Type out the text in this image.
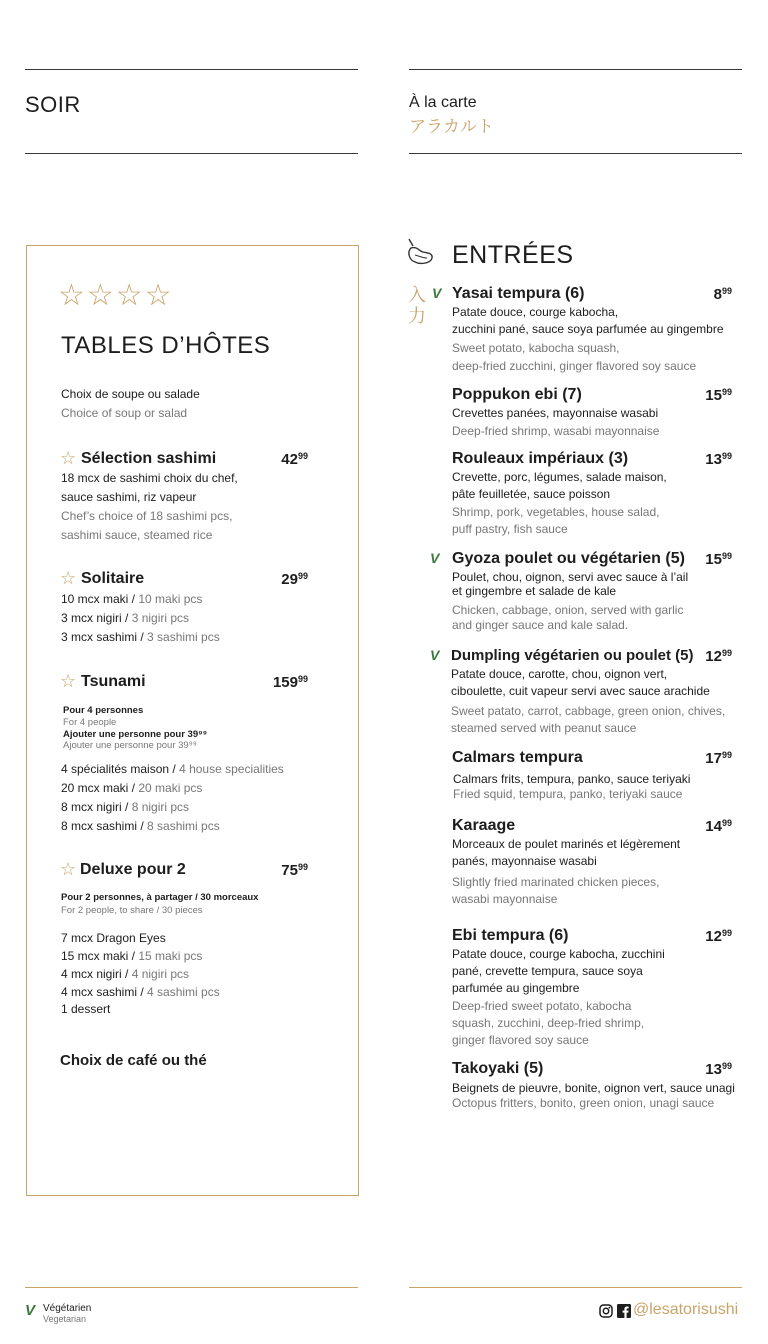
SOIR	À la carte
アラカルト
☆☆☆☆
TABLES D’HÔTES
Choix de soupe ou salade
Choice of soup or salad
☆ Sélection sashimi	$42^{99}$
18 mcx de sashimi choix du chef,
sauce sashimi, riz vapeur
Chef’s choice of 18 sashimi pcs,
sashimi sauce, steamed rice
☆ Solitaire	$29^{99}$
10 mcx maki / 10 maki pcs
3 mcx nigiri / 3 nigiri pcs
3 mcx sashimi / 3 sashimi pcs
☆ Tsunami	$159^{99}$
Pour 4 personnes
For 4 people
Ajouter une personne pour 39⁹⁹
Ajouter une personne pour 39⁹⁹
4 spécialités maison / 4 house specialities
20 mcx maki / 20 maki pcs
8 mcx nigiri / 8 nigiri pcs
8 mcx sashimi / 8 sashimi pcs
☆ Deluxe pour 2	$75^{99}$
Pour 2 personnes, à partager / 30 morceaux
For 2 people, to share / 30 pieces
7 mcx Dragon Eyes
15 mcx maki / 15 maki pcs
4 mcx nigiri / 4 nigiri pcs
4 mcx sashimi / 4 sashimi pcs
1 dessert
Choix de café ou thé
ENTRÉES
入力
V Yasai tempura (6)	$8^{99}$
Patate douce, courge kabocha,
zucchini pané, sauce soya parfumée au gingembre
Sweet potato, kabocha squash,
deep-fried zucchini, ginger flavored soy sauce
Poppukon ebi (7)	$15^{99}$
Crevettes panées, mayonnaise wasabi
Deep-fried shrimp, wasabi mayonnaise
Rouleaux impériaux (3)	$13^{99}$
Crevette, porc, légumes, salade maison,
pâte feuilletée, sauce poisson
Shrimp, pork, vegetables, house salad,
puff pastry, fish sauce
V Gyoza poulet ou végétarien (5)	$15^{99}$
Poulet, chou, oignon, servi avec sauce à l’ail
et gingembre et salade de kale
Chicken, cabbage, onion, served with garlic
and ginger sauce and kale salad.
V Dumpling végétarien ou poulet (5) $12^{99}$
Patate douce, carotte, chou, oignon vert,
ciboulette, cuit vapeur servi avec sauce arachide
Sweet patato, carrot, cabbage, green onion, chives,
steamed served with peanut sauce
Calmars tempura	$17^{99}$
Calmars frits, tempura, panko, sauce teriyaki
Fried squid, tempura, panko, teriyaki sauce
Karaage	$14^{99}$
Morceaux de poulet marinés et légèrement
panés, mayonnaise wasabi
Slightly fried marinated chicken pieces,
wasabi mayonnaise
Ebi tempura (6)	$12^{99}$
Patate douce, courge kabocha, zucchini
pané, crevette tempura, sauce soya
parfumée au gingembre
Deep-fried sweet potato, kabocha
squash, zucchini, deep-fried shrimp,
ginger flavored soy sauce
Takoyaki (5)	$13^{99}$
Beignets de pieuvre, bonite, oignon vert, sauce unagi
Octopus fritters, bonito, green onion, unagi sauce
V Végétarien
Vegetarian
@lesatorisushi
